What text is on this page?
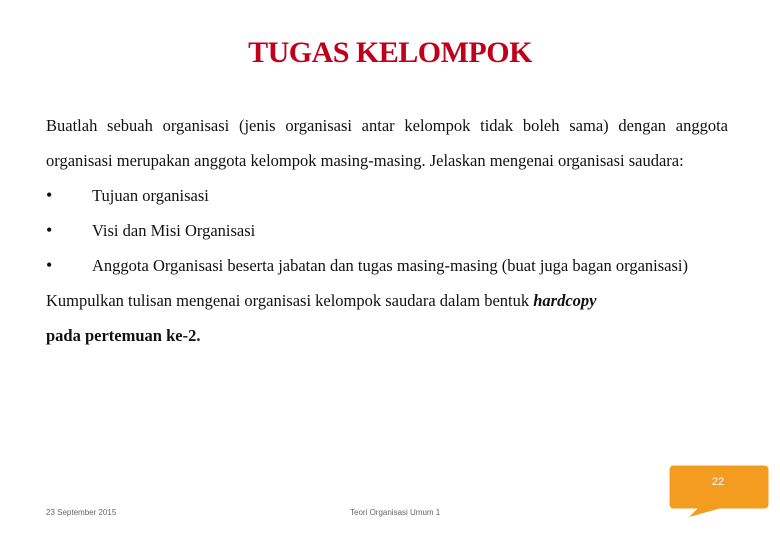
TUGAS KELOMPOK

Buatlah sebuah organisasi (jenis organisasi antar kelompok tidak boleh sama) dengan anggota organisasi merupakan anggota kelompok masing-masing. Jelaskan mengenai organisasi saudara:

• Tujuan organisasi
• Visi dan Misi Organisasi
• Anggota Organisasi beserta jabatan dan tugas masing-masing (buat juga bagan organisasi)

Kumpulkan tulisan mengenai organisasi kelompok saudara dalam bentuk hardcopy
pada pertemuan ke-2.

23 September 2015	Teori Organisasi Umum 1
22
